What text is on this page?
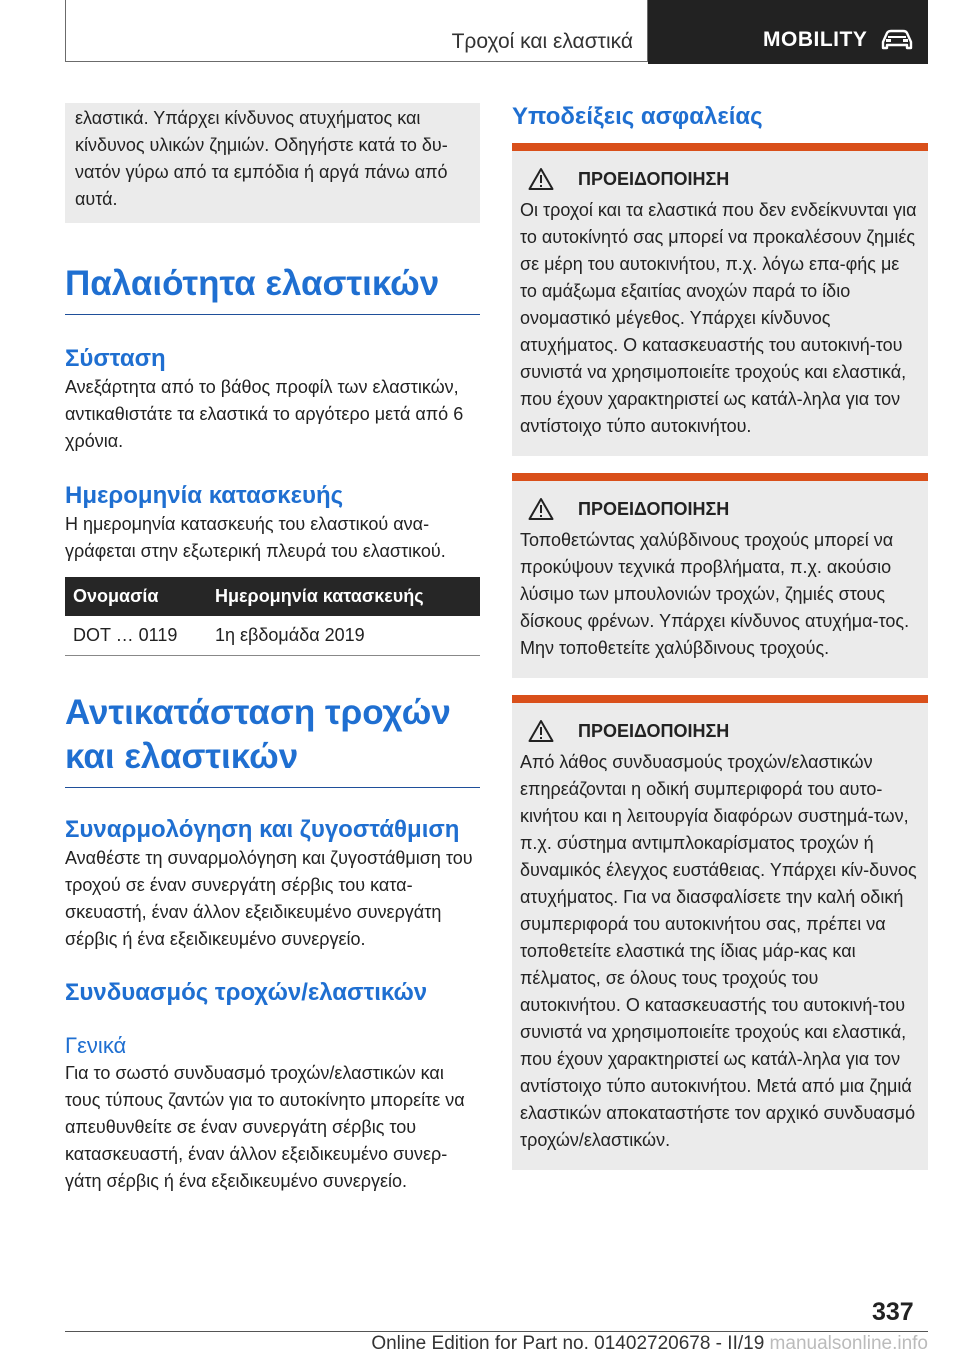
Τροχοί και ελαστικά	MOBILITY

ελαστικά. Υπάρχει κίνδυνος ατυχήματος και κίνδυνος υλικών ζημιών. Οδηγήστε κατά το δυ-νατόν γύρω από τα εμπόδια ή αργά πάνω από αυτά.

Παλαιότητα ελαστικών
Σύσταση

Ανεξάρτητα από το βάθος προφίλ των ελαστικών, αντικαθιστάτε τα ελαστικά το αργότερο μετά από 6 χρόνια.

Ημερομηνία κατασκευής

Η ημερομηνία κατασκευής του ελαστικού ανα-γράφεται στην εξωτερική πλευρά του ελαστικού.

Ονομασία	Ημερομηνία κατασκευής
DOT … 0119	1η εβδομάδα 2019
Αντικατάσταση τροχών και ελαστικών
Συναρμολόγηση και ζυγοστάθμιση

Αναθέστε τη συναρμολόγηση και ζυγοστάθμιση του τροχού σε έναν συνεργάτη σέρβις του κατα-σκευαστή, έναν άλλον εξειδικευμένο συνεργάτη σέρβις ή ένα εξειδικευμένο συνεργείο.

Συνδυασμός τροχών/ελαστικών
Γενικά

Για το σωστό συνδυασμό τροχών/ελαστικών και τους τύπους ζαντών για το αυτοκίνητο μπορείτε να απευθυνθείτε σε έναν συνεργάτη σέρβις του κατασκευαστή, έναν άλλον εξειδικευμένο συνερ-γάτη σέρβις ή ένα εξειδικευμένο συνεργείο.

Υποδείξεις ασφαλείας
ΠΡΟΕΙΔΟΠΟΙΗΣΗ

Οι τροχοί και τα ελαστικά που δεν ενδείκνυνται για το αυτοκίνητό σας μπορεί να προκαλέσουν ζημιές σε μέρη του αυτοκινήτου, π.χ. λόγω επα-φής με το αμάξωμα εξαιτίας ανοχών παρά το ίδιο ονομαστικό μέγεθος. Υπάρχει κίνδυνος ατυχήματος. Ο κατασκευαστής του αυτοκινή-του συνιστά να χρησιμοποιείτε τροχούς και ελαστικά, που έχουν χαρακτηριστεί ως κατάλ-ληλα για τον αντίστοιχο τύπο αυτοκινήτου.

ΠΡΟΕΙΔΟΠΟΙΗΣΗ

Τοποθετώντας χαλύβδινους τροχούς μπορεί να προκύψουν τεχνικά προβλήματα, π.χ. ακούσιο λύσιμο των μπουλονιών τροχών, ζημιές στους δίσκους φρένων. Υπάρχει κίνδυνος ατυχήμα-τος. Μην τοποθετείτε χαλύβδινους τροχούς.

ΠΡΟΕΙΔΟΠΟΙΗΣΗ

Από λάθος συνδυασμούς τροχών/ελαστικών επηρεάζονται η οδική συμπεριφορά του αυτο-κινήτου και η λειτουργία διαφόρων συστημά-των, π.χ. σύστημα αντιμπλοκαρίσματος τροχών ή δυναμικός έλεγχος ευστάθειας. Υπάρχει κίν-δυνος ατυχήματος. Για να διασφαλίσετε την καλή οδική συμπεριφορά του αυτοκινήτου σας, πρέπει να τοποθετείτε ελαστικά της ίδιας μάρ-κας και πέλματος, σε όλους τους τροχούς του αυτοκινήτου. Ο κατασκευαστής του αυτοκινή-του συνιστά να χρησιμοποιείτε τροχούς και ελαστικά, που έχουν χαρακτηριστεί ως κατάλ-ληλα για τον αντίστοιχο τύπο αυτοκινήτου. Μετά από μια ζημιά ελαστικών αποκαταστήστε τον αρχικό συνδυασμό τροχών/ελαστικών.

337
Online Edition for Part no. 01402720678 - II/19 manualsonline.info
